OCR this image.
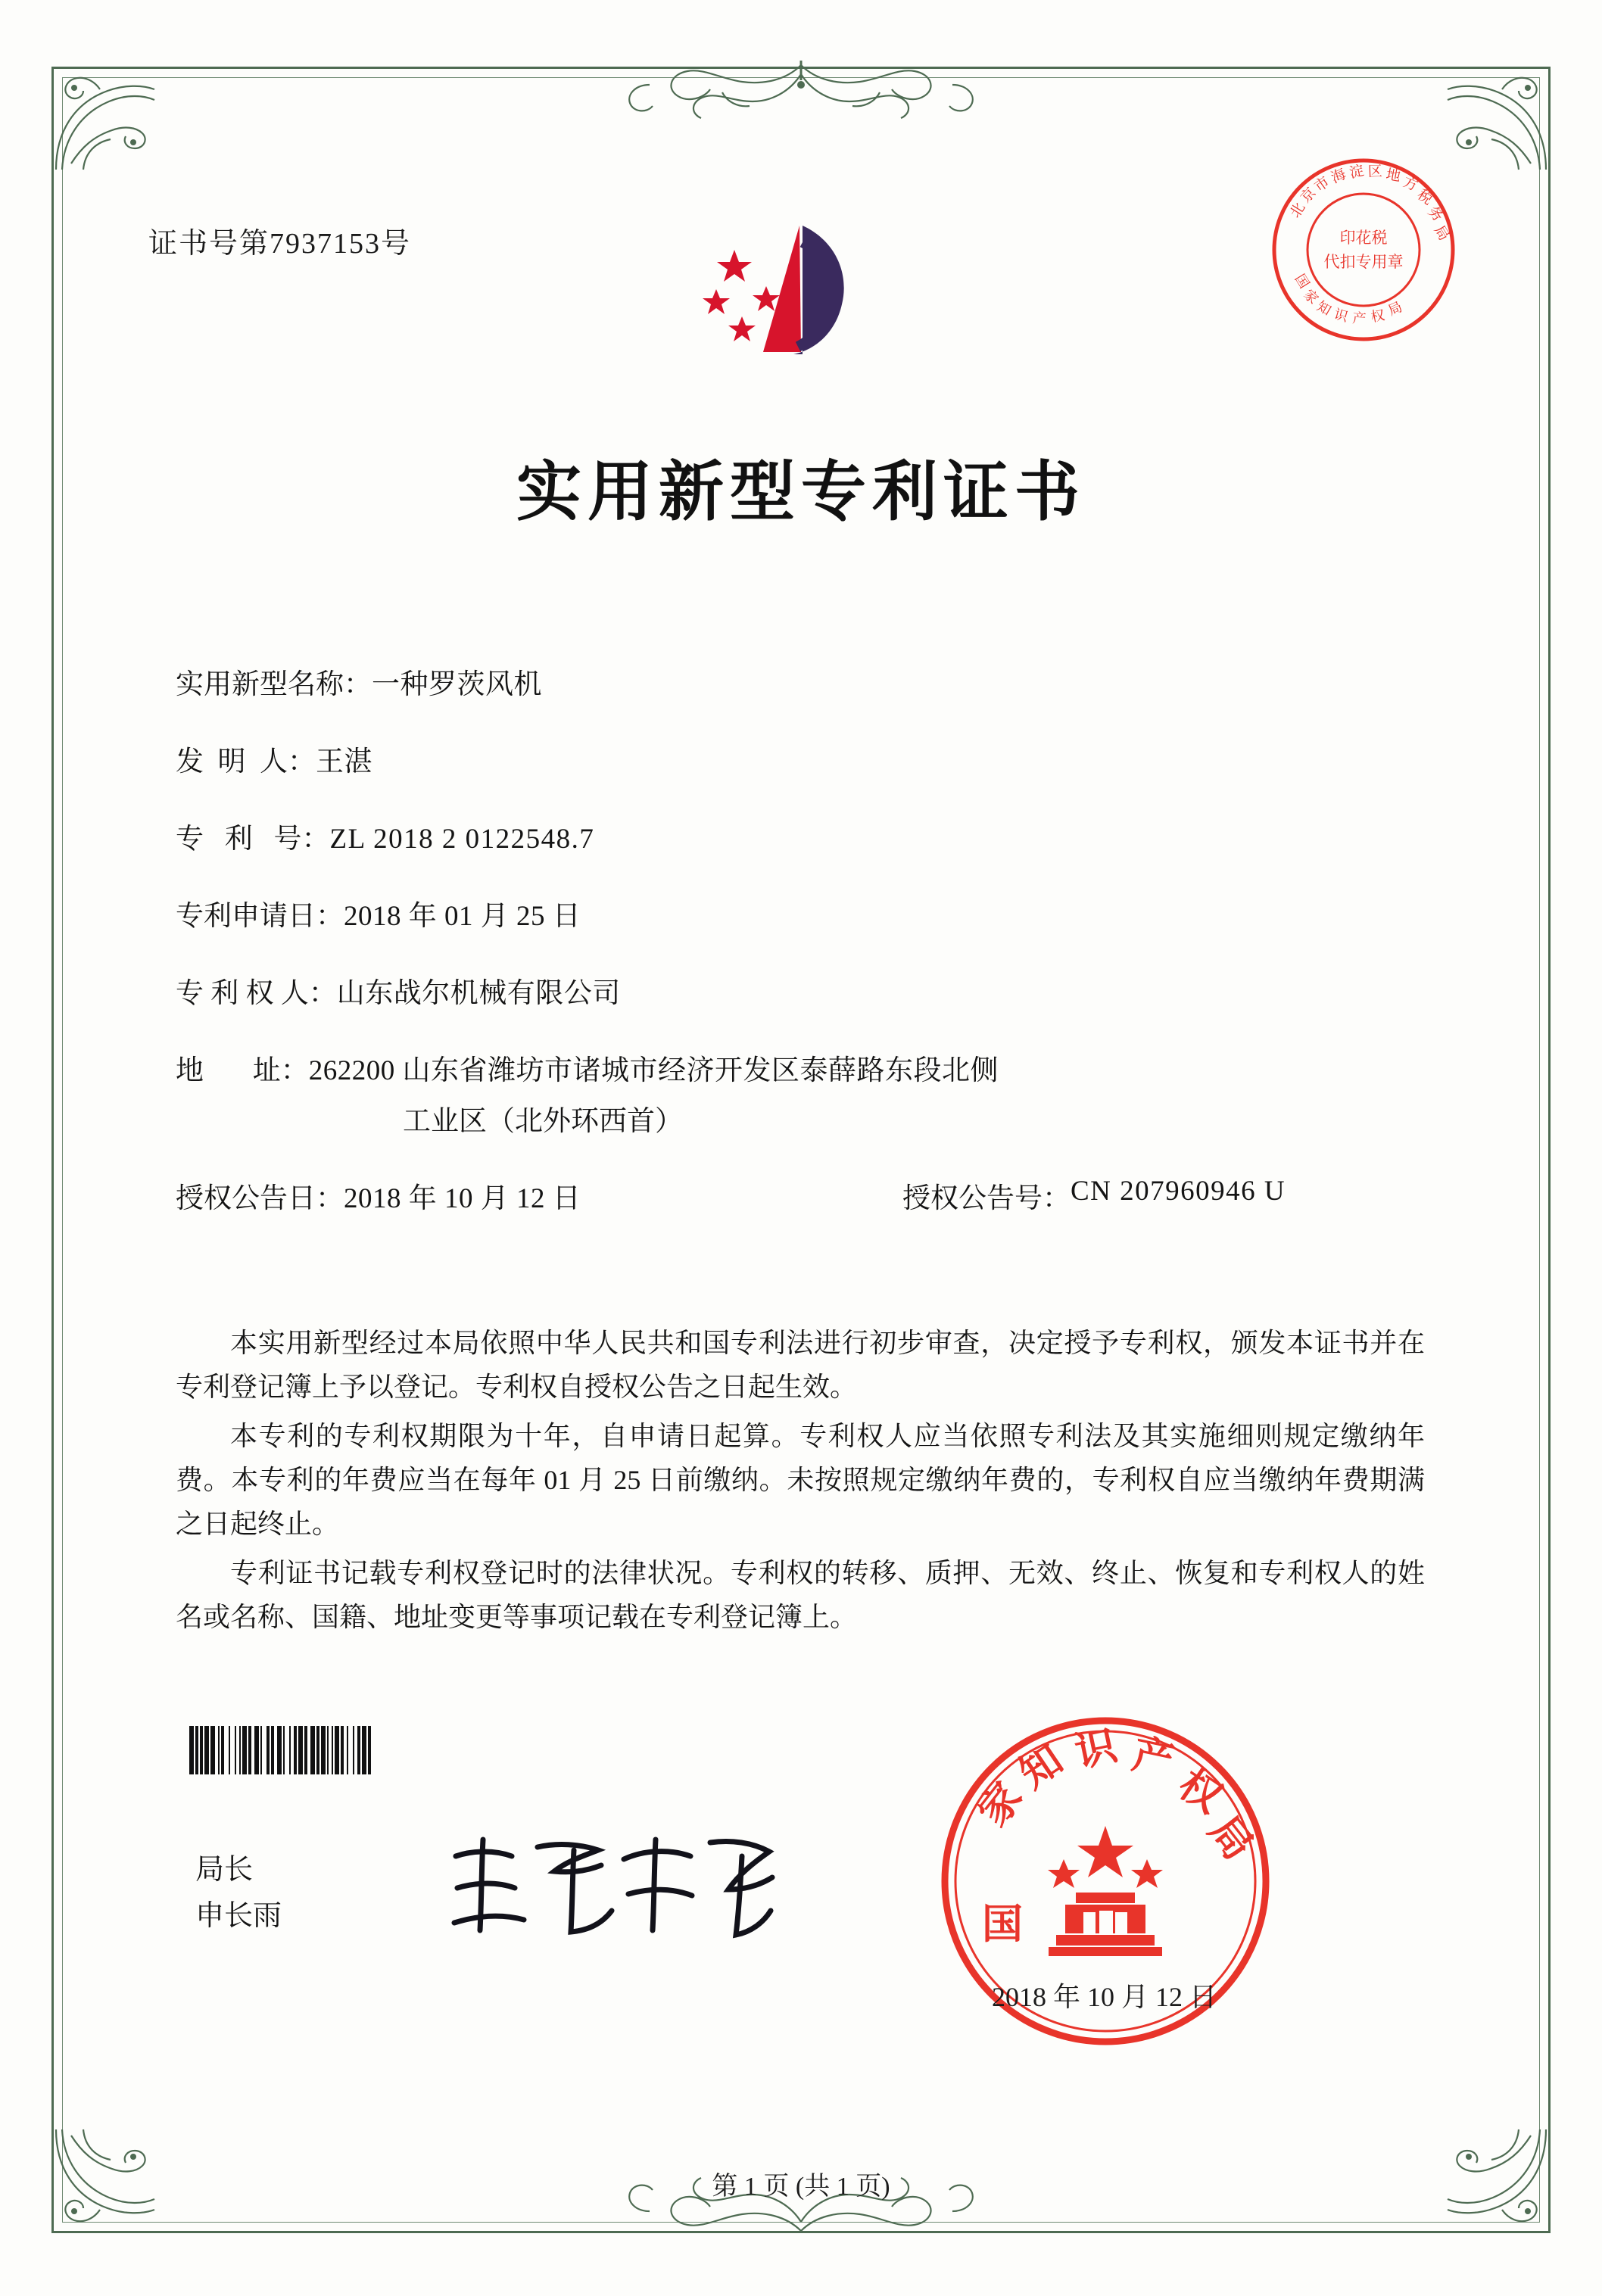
证书号第7937153号
北
京
市
海
淀 区 地
方
税
务
局
国
家
知
识 产 权 局
印花税
代扣专用章
实用新型专利证书
实用新型名称： 一种罗茨风机
发  明  人： 王湛
专   利   号： ZL 2018 2 0122548.7
专利申请日： 2018 年 01 月 25 日
专 利 权 人： 山东战尔机械有限公司
地       址： 262200 山东省潍坊市诸城市经济开发区泰薛路东段北侧
工业区（北外环西首）
授权公告日： 2018 年 10 月 12 日	授权公告号： CN 207960946 U

本实用新型经过本局依照中华人民共和国专利法进行初步审查，决定授予专利权，颁发本证书并在专利登记簿上予以登记。专利权自授权公告之日起生效。

本专利的专利权期限为十年，自申请日起算。专利权人应当依照专利法及其实施细则规定缴纳年费。本专利的年费应当在每年 01 月 25 日前缴纳。未按照规定缴纳年费的，专利权自应当缴纳年费期满之日起终止。

专利证书记载专利权登记时的法律状况。专利权的转移、质押、无效、终止、恢复和专利权人的姓名或名称、国籍、地址变更等事项记载在专利登记簿上。

局长
申长雨
家
知 识 产
权
局
国
2018 年 10 月 12 日
第 1 页 (共 1 页)
